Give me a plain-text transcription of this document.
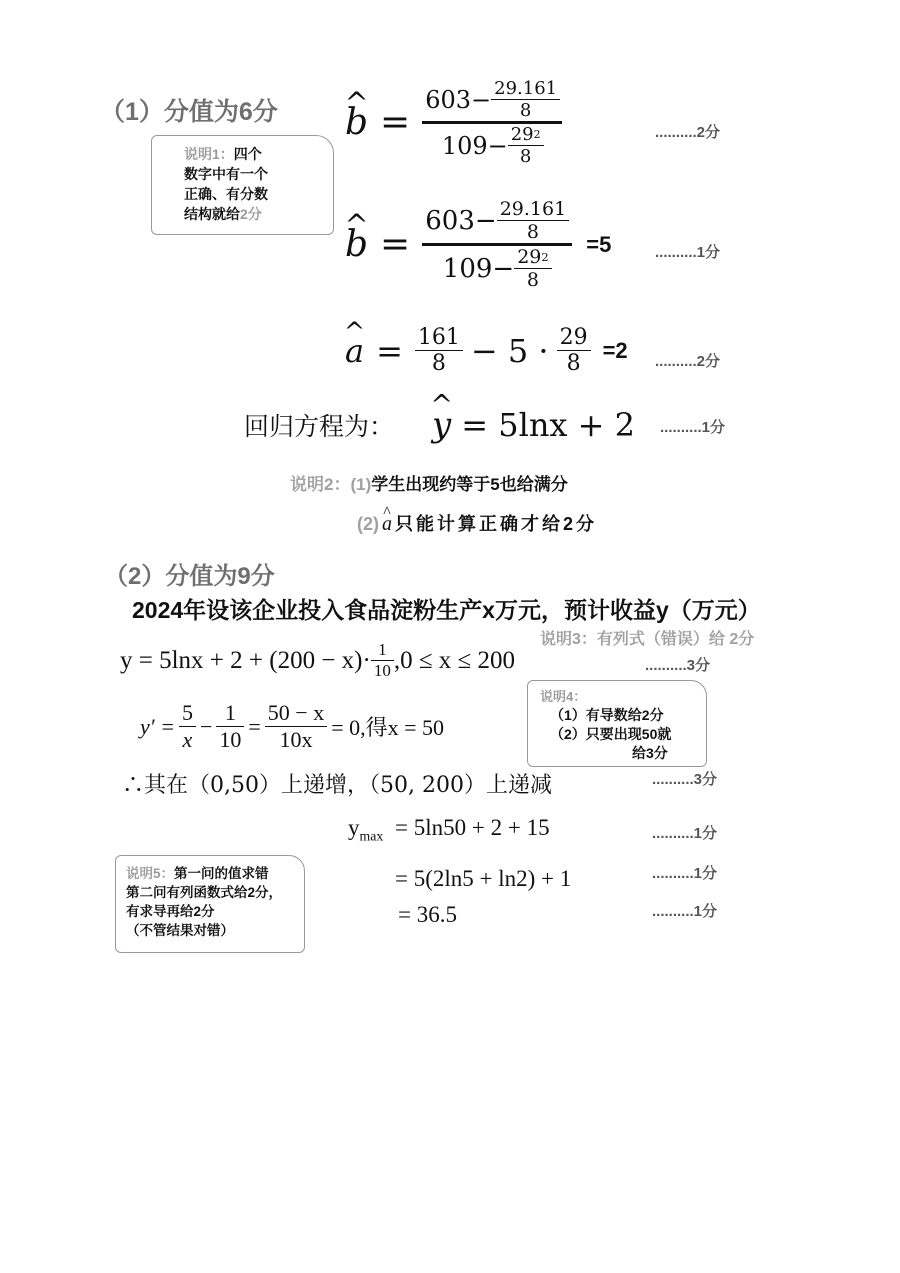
（1）分值为6分
说明1：四个
数字中有一个
正确、有分数
结构就给2分
^ $b = \frac{603- \frac{29.161}{8}}{109- \frac{29 2}{8}}$	..........2分
^ $b = \frac{603- \frac{29.161}{8}}{109- \frac{29 2}{8}} =5$	..........1分
^ $a = \frac{161}{8} - 5 \cdot \frac{29}{8} =2$ ..........2分
回归方程为： ^ y = 5lnx + 2 ..........1分
说明2：(1)学生出现约等于5也给满分
(2) ^ a 只能计算正确才给2分
（2）分值为9分
2024年设该企业投入食品淀粉生产x万元，预计收益y（万元）
说明3：有列式（错误）给 2分
$y = 5\ln x + 2 + (200 - x)\cdot \frac{1}{10} ,0 \le x \le 200$	..........3分
说明4：
（1）有导数给2分
（2）只要出现50就
给3分
$y' = \frac{5}{x} - \frac{1}{10} = \frac{50 - x}{10x} = 0$,得x = 50
∴其在（0,50）上递增，（50, 200）上递减	..........3分
$y_{max} = 5\ln 50 + 2 + 15$	..........1分
= 5(2ln5 + ln2) + 1	..........1分
= 36.5	..........1分
说明5：第一问的值求错
第二问有列函数式给2分，
有求导再给2分
（不管结果对错）
